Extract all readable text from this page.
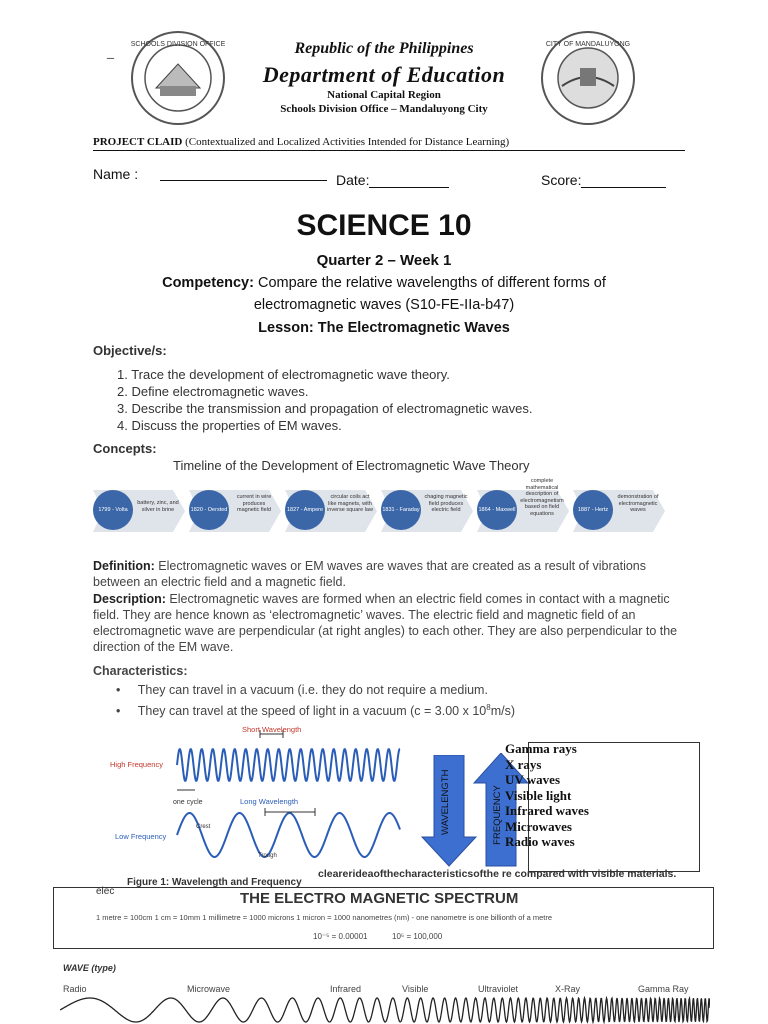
_
SCHOOLS DIVISION OFFICE	CITY OF MANDALUYONG
Republic of the Philippines
Department of Education
National Capital Region
Schools Division Office – Mandaluyong City
PROJECT CLAID (Contextualized and Localized Activities Intended for Distance Learning)
Name :	Date:	Score:
SCIENCE 10
Quarter 2 – Week 1
Competency: Compare the relative wavelengths of different forms of
electromagnetic waves (S10-FE-IIa-b47)
Lesson: The Electromagnetic Waves
Objective/s:
1. Trace the development of electromagnetic wave theory.
2. Define electromagnetic waves.
3. Describe the transmission and propagation of electromagnetic waves.
4. Discuss the properties of EM waves.
Concepts:
Timeline of the Development of Electromagnetic Wave Theory
1799 - Volta
battery, zinc, and silver in brine	1820 - Oersted
current in wire produces magnetic field	1827 - Ampere
circular coils act like magnets, with inverse square law 1831 - Faraday
chaging magnetic field produces electric field	1864 - Maxwell
complete mathematical description of electromagnetism based on field equations
1887 - Hertz
demonstration of electromagnetic waves
Definition: Electromagnetic waves or EM waves are waves that are created as a result of vibrations between an electric field and a magnetic field.
Description: Electromagnetic waves are formed when an electric field comes in contact with a magnetic field. They are hence known as ‘electromagnetic’ waves. The electric field and magnetic field of an electromagnetic wave are perpendicular (at right angles) to each other. They are also perpendicular to the direction of the EM wave.
Characteristics:
• They can travel in a vacuum (i.e. they do not require a medium.
• They can travel at the speed of light in a vacuum (c = 3.00 x $10^8m/s$)
Short Wavelength
High Frequency
one cycle	Long Wavelength
Low Frequency
Crest
Trough
Figure 1: Wavelength and Frequency
elec
WAVELENGTH	FREQUENCY
Gamma rays
X rays
UV waves
Visible light
Infrared waves
Microwaves
Radio waves
clearerideaofthecharacteristicsofthe re compared with visible materials.
THE ELECTRO MAGNETIC SPECTRUM
1 metre = 100cm 1 cm = 10mm 1 millimetre = 1000 microns 1 micron = 1000 nanometres (nm) - one nanometre is one billionth of a metre
10⁻⁵ = 0.00001	10⁵ = 100,000
WAVE (type)
Radio	Microwave	Infrared	Visible	Ultraviolet	X-Ray	Gamma Ray
